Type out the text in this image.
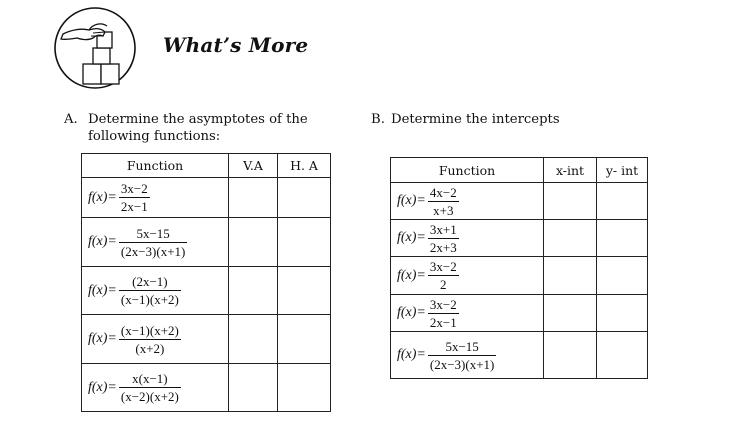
What’s More
A. Determine the asymptotes of the
following functions:
B. Determine the intercepts
Function	V.A	H. A

$f(x)= \frac{3x-2}{2x-1}$

$f(x)= \frac{5x-15}{(2x-3)(x+1)}$

$f(x)= \frac{(2x-1)}{(x-1)(x+2)}$

$f(x)= \frac{(x-1)(x+2)}{(x+2)}$

$f(x)= \frac{x(x-1)}{(x-2)(x+2)}$

Function	x-int	y- int

$f(x)= \frac{4x-2}{x+3}$

$f(x)= \frac{3x+1}{2x+3}$

$f(x)= \frac{3x-2}{2}$

$f(x)= \frac{3x-2}{2x-1}$

$f(x)= \frac{5x-15}{(2x-3)(x+1)}$
